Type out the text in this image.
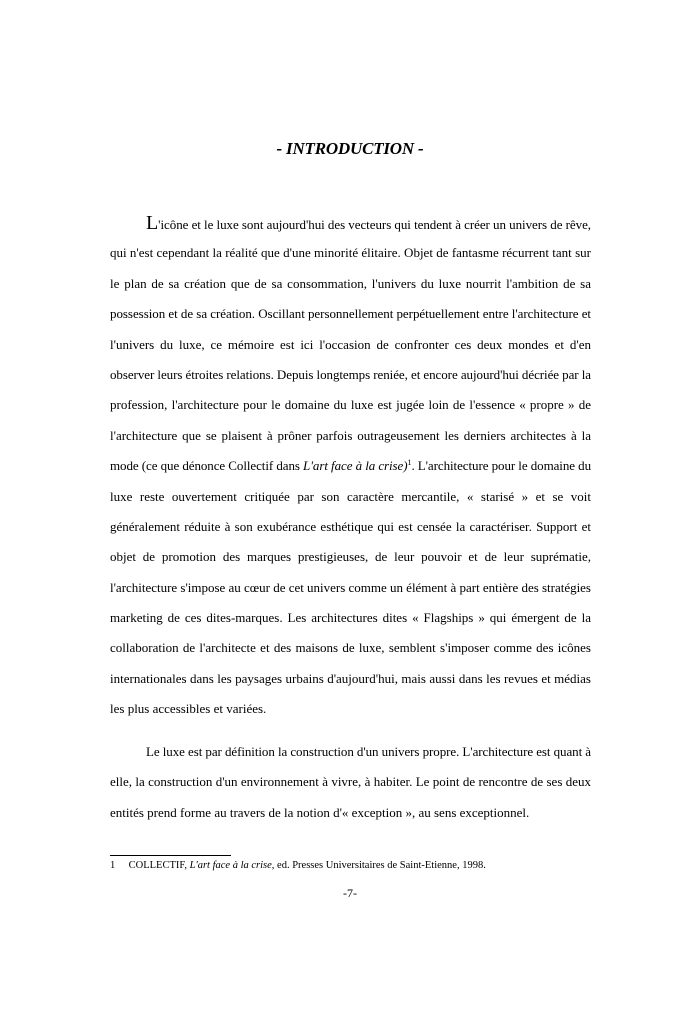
- INTRODUCTION -
L'icône et le luxe sont aujourd'hui des vecteurs qui tendent à créer un univers de rêve,
qui n'est cependant la réalité que d'une minorité élitaire. Objet de fantasme récurrent tant sur
le plan de sa création que de sa consommation, l'univers du luxe nourrit l'ambition de sa
possession et de sa création. Oscillant personnellement perpétuellement entre l'architecture et
l'univers du luxe, ce mémoire est ici l'occasion de confronter ces deux mondes et d'en
observer leurs étroites relations. Depuis longtemps reniée, et encore aujourd'hui décriée par la
profession, l'architecture pour le domaine du luxe est jugée loin de l'essence « propre » de
l'architecture que se plaisent à prôner parfois outrageusement les derniers architectes à la
mode (ce que dénonce Collectif dans L'art face à la crise)$^1$. L'architecture pour le domaine du
luxe reste ouvertement critiquée par son caractère mercantile, « starisé » et se voit
généralement réduite à son exubérance esthétique qui est censée la caractériser. Support et
objet de promotion des marques prestigieuses, de leur pouvoir et de leur suprématie,
l'architecture s'impose au cœur de cet univers comme un élément à part entière des stratégies
marketing de ces dites-marques. Les architectures dites « Flagships » qui émergent de la
collaboration de l'architecte et des maisons de luxe, semblent s'imposer comme des icônes
internationales dans les paysages urbains d'aujourd'hui, mais aussi dans les revues et médias
les plus accessibles et variées.
Le luxe est par définition la construction d'un univers propre. L'architecture est quant à
elle, la construction d'un environnement à vivre, à habiter. Le point de rencontre de ses deux
entités prend forme au travers de la notion d'« exception », au sens exceptionnel.
1 COLLECTIF, L'art face à la crise, ed. Presses Universitaires de Saint-Etienne, 1998.
-7-
